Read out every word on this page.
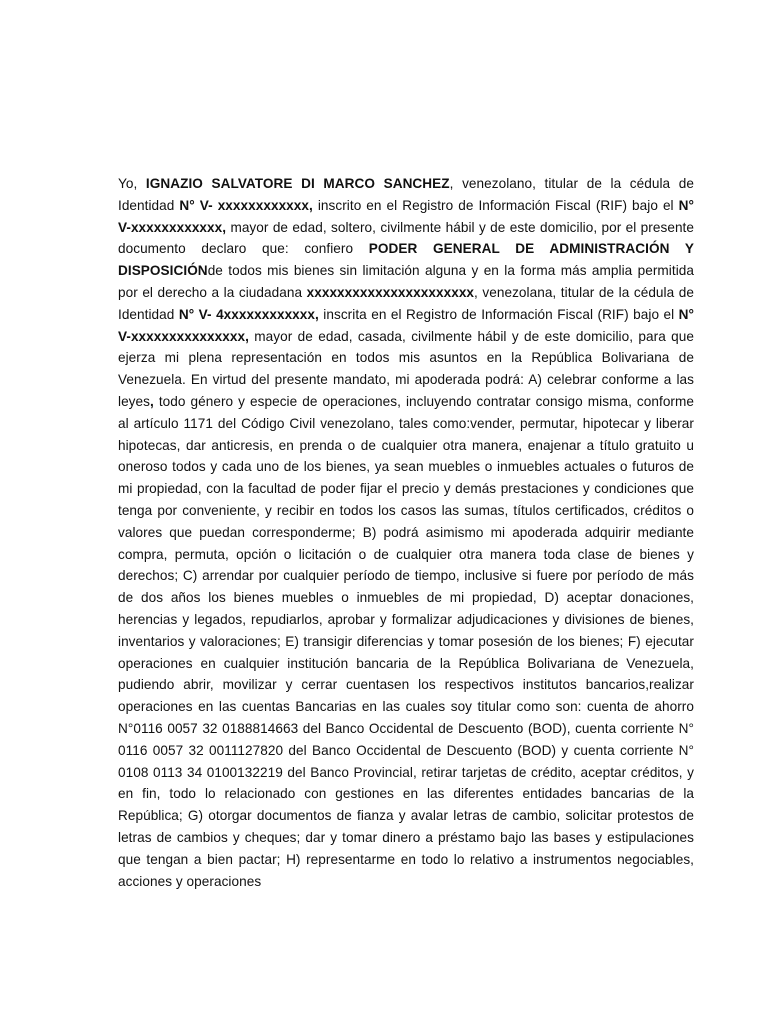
Yo, IGNAZIO SALVATORE DI MARCO SANCHEZ, venezolano, titular de la cédula de Identidad N° V- xxxxxxxxxxxx, inscrito en el Registro de Información Fiscal (RIF) bajo el N° V-xxxxxxxxxxxx, mayor de edad, soltero, civilmente hábil y de este domicilio, por el presente documento declaro que: confiero PODER GENERAL DE ADMINISTRACIÓN Y DISPOSICIÓNde todos mis bienes sin limitación alguna y en la forma más amplia permitida por el derecho a la ciudadana xxxxxxxxxxxxxxxxxxxxxx, venezolana, titular de la cédula de Identidad N° V- 4xxxxxxxxxxxx, inscrita en el Registro de Información Fiscal (RIF) bajo el N° V-xxxxxxxxxxxxxxx, mayor de edad, casada, civilmente hábil y de este domicilio, para que ejerza mi plena representación en todos mis asuntos en la República Bolivariana de Venezuela. En virtud del presente mandato, mi apoderada podrá: A) celebrar conforme a las leyes, todo género y especie de operaciones, incluyendo contratar consigo misma, conforme al artículo 1171 del Código Civil venezolano, tales como:vender, permutar, hipotecar y liberar hipotecas, dar anticresis, en prenda o de cualquier otra manera, enajenar a título gratuito u oneroso todos y cada uno de los bienes, ya sean muebles o inmuebles actuales o futuros de mi propiedad, con la facultad de poder fijar el precio y demás prestaciones y condiciones que tenga por conveniente, y recibir en todos los casos las sumas, títulos certificados, créditos o valores que puedan corresponderme; B) podrá asimismo mi apoderada adquirir mediante compra, permuta, opción o licitación o de cualquier otra manera toda clase de bienes y derechos; C) arrendar por cualquier período de tiempo, inclusive si fuere por período de más de dos años los bienes muebles o inmuebles de mi propiedad, D) aceptar donaciones, herencias y legados, repudiarlos, aprobar y formalizar adjudicaciones y divisiones de bienes, inventarios y valoraciones; E) transigir diferencias y tomar posesión de los bienes; F) ejecutar operaciones en cualquier institución bancaria de la República Bolivariana de Venezuela, pudiendo abrir, movilizar y cerrar cuentasen los respectivos institutos bancarios,realizar operaciones en las cuentas Bancarias en las cuales soy titular como son: cuenta de ahorro N°0116 0057 32 0188814663 del Banco Occidental de Descuento (BOD), cuenta corriente N° 0116 0057 32 0011127820 del Banco Occidental de Descuento (BOD) y cuenta corriente N° 0108 0113 34 0100132219 del Banco Provincial, retirar tarjetas de crédito, aceptar créditos, y en fin, todo lo relacionado con gestiones en las diferentes entidades bancarias de la República; G) otorgar documentos de fianza y avalar letras de cambio, solicitar protestos de letras de cambios y cheques; dar y tomar dinero a préstamo bajo las bases y estipulaciones que tengan a bien pactar; H) representarme en todo lo relativo a instrumentos negociables, acciones y operaciones
